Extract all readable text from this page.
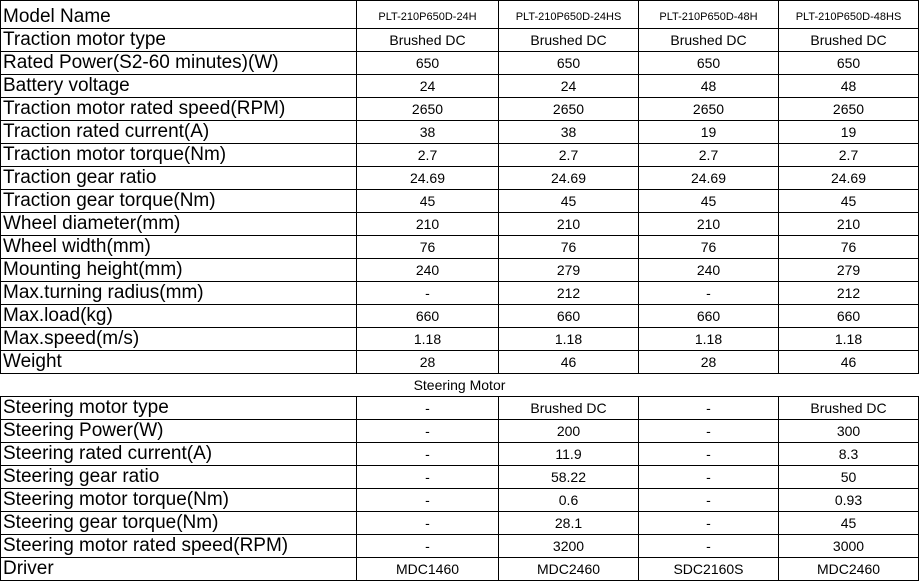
Model Name	PLT-210P650D-24H	PLT-210P650D-24HS	PLT-210P650D-48H	PLT-210P650D-48HS
Traction motor type	Brushed DC	Brushed DC	Brushed DC	Brushed DC
Rated Power(S2-60 minutes)(W)	650	650	650	650
Battery voltage	24	24	48	48
Traction motor rated speed(RPM)	2650	2650	2650	2650
Traction rated current(A)	38	38	19	19
Traction motor torque(Nm)	2.7	2.7	2.7	2.7
Traction gear ratio	24.69	24.69	24.69	24.69
Traction gear torque(Nm)	45	45	45	45
Wheel diameter(mm)	210	210	210	210
Wheel width(mm)	76	76	76	76
Mounting height(mm)	240	279	240	279
Max.turning radius(mm)	-	212	-	212
Max.load(kg)	660	660	660	660
Max.speed(m/s)	1.18	1.18	1.18	1.18
Weight	28	46	28	46
Steering Motor				
Steering motor type	-	Brushed DC	-	Brushed DC
Steering Power(W)	-	200	-	300
Steering rated current(A)	-	11.9	-	8.3
Steering gear ratio	-	58.22	-	50
Steering motor torque(Nm)	-	0.6	-	0.93
Steering gear torque(Nm)	-	28.1	-	45
Steering motor rated speed(RPM)	-	3200	-	3000
Driver	MDC1460	MDC2460	SDC2160S	MDC2460
